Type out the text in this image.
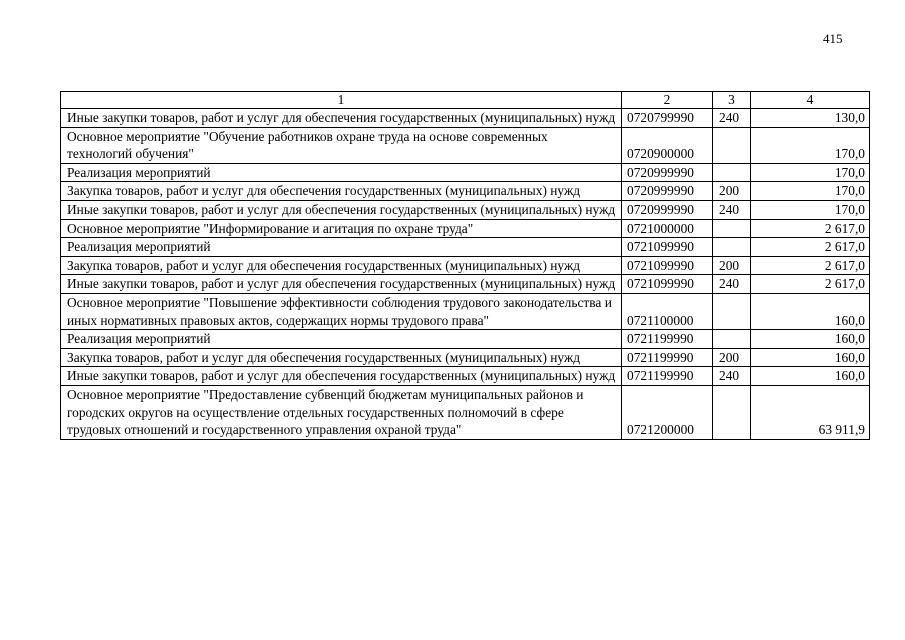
415
1	2	3	4
Иные закупки товаров, работ и услуг для обеспечения государственных (муниципальных) нужд	0720799990	240	130,0
Основное мероприятие "Обучение работников охране труда на основе современных технологий обучения"	0720900000		170,0
Реализация мероприятий	0720999990		170,0
Закупка товаров, работ и услуг для обеспечения государственных (муниципальных) нужд	0720999990	200	170,0
Иные закупки товаров, работ и услуг для обеспечения государственных (муниципальных) нужд	0720999990	240	170,0
Основное мероприятие "Информирование и агитация по охране труда"	0721000000		2 617,0
Реализация мероприятий	0721099990		2 617,0
Закупка товаров, работ и услуг для обеспечения государственных (муниципальных) нужд	0721099990	200	2 617,0
Иные закупки товаров, работ и услуг для обеспечения государственных (муниципальных) нужд	0721099990	240	2 617,0
Основное мероприятие "Повышение эффективности соблюдения трудового законодательства и иных нормативных правовых актов, содержащих нормы трудового права"	0721100000		160,0
Реализация мероприятий	0721199990		160,0
Закупка товаров, работ и услуг для обеспечения государственных (муниципальных) нужд	0721199990	200	160,0
Иные закупки товаров, работ и услуг для обеспечения государственных (муниципальных) нужд	0721199990	240	160,0
Основное мероприятие "Предоставление субвенций бюджетам муниципальных районов и городских округов на осуществление отдельных государственных полномочий в сфере трудовых отношений и государственного управления охраной труда"	0721200000		63 911,9
